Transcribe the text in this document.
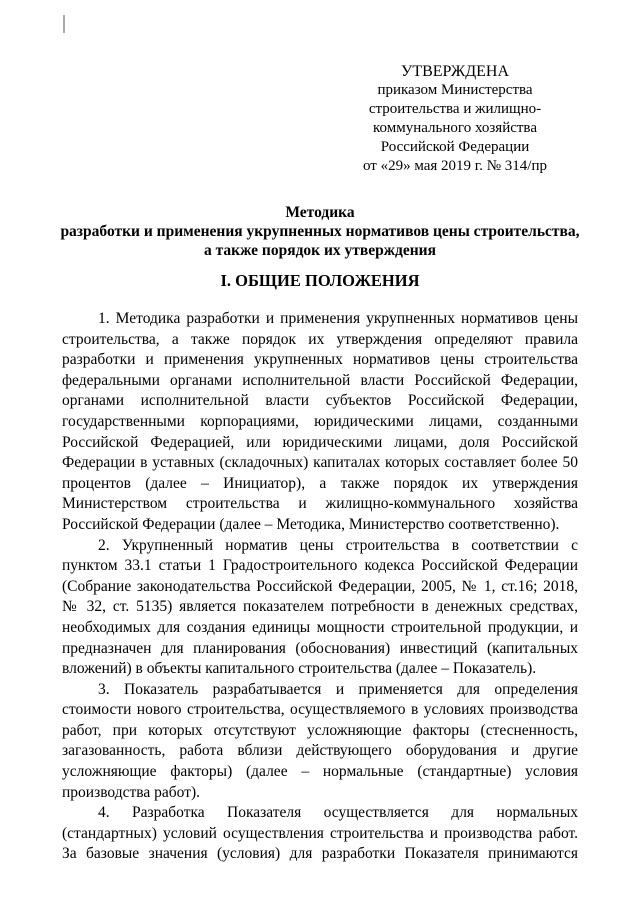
УТВЕРЖДЕНА
приказом Министерства
строительства и жилищно-
коммунального хозяйства
Российской Федерации
от «29» мая 2019 г. № 314/пр
Методика
разработки и применения укрупненных нормативов цены строительства,
а также порядок их утверждения
I. ОБЩИЕ ПОЛОЖЕНИЯ

1. Методика разработки и применения укрупненных нормативов цены строительства, а также порядок их утверждения определяют правила разработки и применения укрупненных нормативов цены строительства федеральными органами исполнительной власти Российской Федерации, органами исполнительной власти субъектов Российской Федерации, государственными корпорациями, юридическими лицами, созданными Российской Федерацией, или юридическими лицами, доля Российской Федерации в уставных (складочных) капиталах которых составляет более 50 процентов (далее – Инициатор), а также порядок их утверждения Министерством строительства и жилищно-коммунального хозяйства Российской Федерации (далее – Методика, Министерство соответственно).

2. Укрупненный норматив цены строительства в соответствии с пунктом 33.1 статьи 1 Градостроительного кодекса Российской Федерации (Собрание законодательства Российской Федерации, 2005, № 1, ст.16; 2018, № 32, ст. 5135) является показателем потребности в денежных средствах, необходимых для создания единицы мощности строительной продукции, и предназначен для планирования (обоснования) инвестиций (капитальных вложений) в объекты капитального строительства (далее – Показатель).

3. Показатель разрабатывается и применяется для определения стоимости нового строительства, осуществляемого в условиях производства работ, при которых отсутствуют усложняющие факторы (стесненность, загазованность, работа вблизи действующего оборудования и другие усложняющие факторы) (далее – нормальные (стандартные) условия производства работ).

4. Разработка Показателя осуществляется для нормальных (стандартных) условий осуществления строительства и производства работ. За базовые значения (условия) для разработки Показателя принимаются
